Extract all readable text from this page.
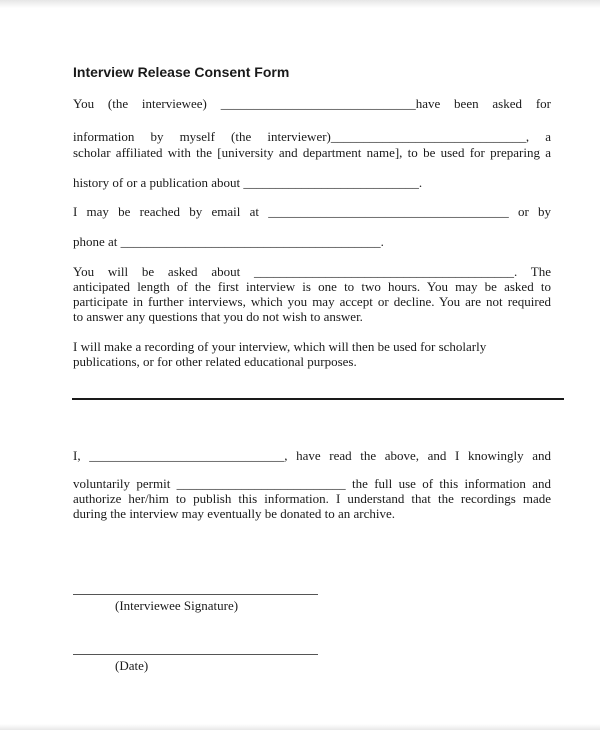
Interview Release Consent Form
You (the interviewee) ______________________________have been asked for
information by myself (the interviewer)______________________________, a
scholar affiliated with the [university and department name], to be used for preparing a
history of or a publication about ___________________________.
I may be reached by email at _____________________________________ or by
phone at ________________________________________.
You will be asked about ________________________________________. The
anticipated length of the first interview is one to two hours. You may be asked to
participate in further interviews, which you may accept or decline. You are not required
to answer any questions that you do not wish to answer.
I will make a recording of your interview, which will then be used for scholarly
publications, or for other related educational purposes.
I, ______________________________, have read the above, and I knowingly and
voluntarily permit __________________________ the full use of this information and
authorize her/him to publish this information. I understand that the recordings made
during the interview may eventually be donated to an archive.
(Interviewee Signature)
(Date)
